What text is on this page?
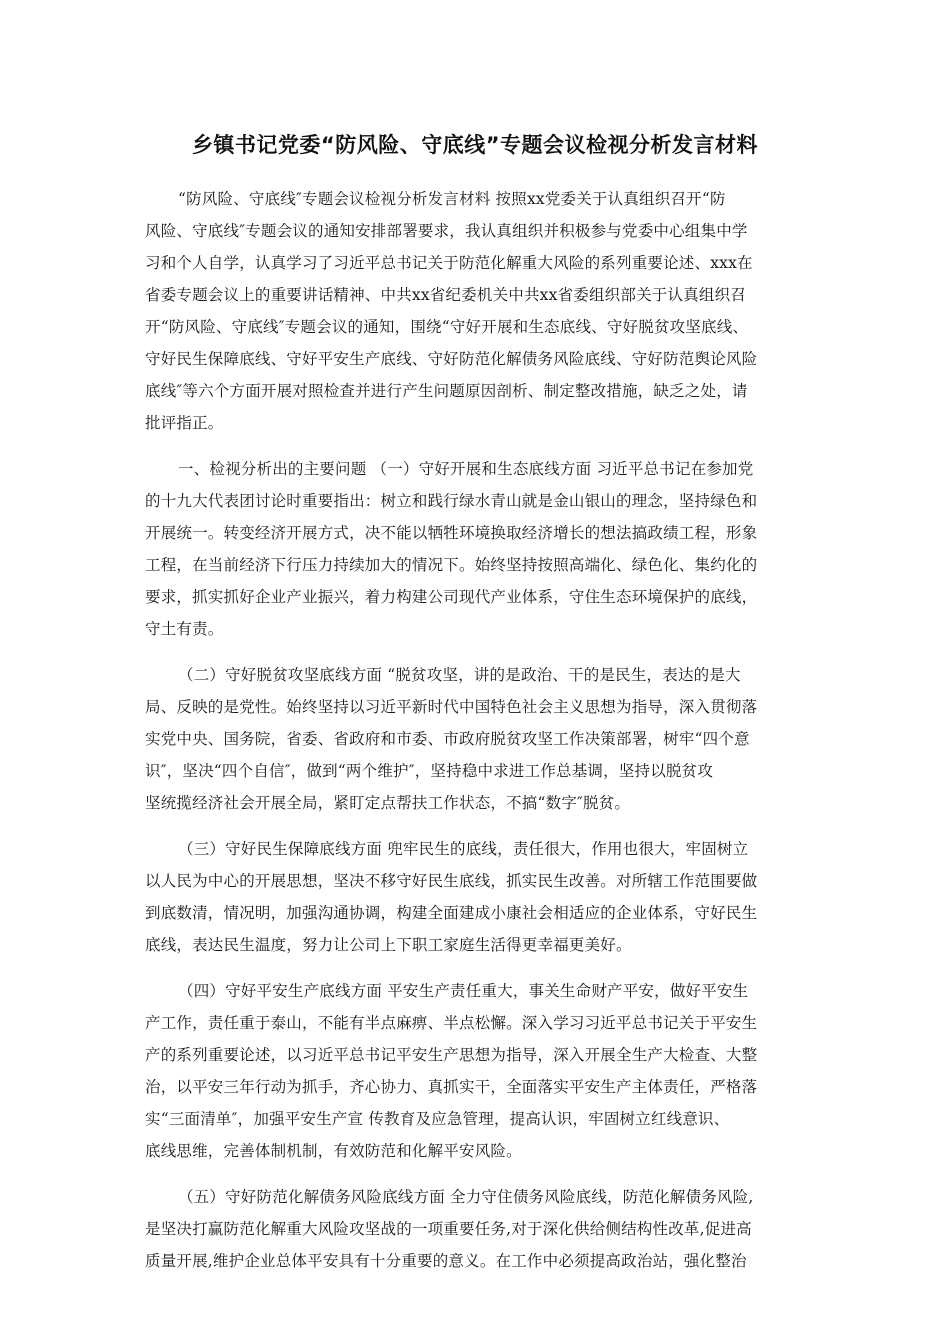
乡镇书记党委“防风险、守底线”专题会议检视分析发言材料
“防风险、守底线″专题会议检视分析发言材料 按照xx党委关于认真组织召开“防
风险、守底线″专题会议的通知安排部署要求，我认真组织并积极参与党委中心组集中学
习和个人自学，认真学习了习近平总书记关于防范化解重大风险的系列重要论述、xxx在
省委专题会议上的重要讲话精神、中共xx省纪委机关中共xx省委组织部关于认真组织召
开“防风险、守底线″专题会议的通知，围绕“守好开展和生态底线、守好脱贫攻坚底线、
守好民生保障底线、守好平安生产底线、守好防范化解债务风险底线、守好防范舆论风险
底线″等六个方面开展对照检查并进行产生问题原因剖析、制定整改措施，缺乏之处，请
批评指正。
一、检视分析出的主要问题 （一）守好开展和生态底线方面 习近平总书记在参加党
的十九大代表团讨论时重要指出：树立和践行绿水青山就是金山银山的理念，坚持绿色和
开展统一。转变经济开展方式，决不能以牺牲环境换取经济增长的想法搞政绩工程，形象
工程，在当前经济下行压力持续加大的情况下。始终坚持按照高端化、绿色化、集约化的
要求，抓实抓好企业产业振兴，着力构建公司现代产业体系，守住生态环境保护的底线，
守土有责。
（二）守好脱贫攻坚底线方面 “脱贫攻坚，讲的是政治、干的是民生，表达的是大
局、反映的是党性。始终坚持以习近平新时代中国特色社会主义思想为指导，深入贯彻落
实党中央、国务院，省委、省政府和市委、市政府脱贫攻坚工作决策部署，树牢“四个意
识″，坚决“四个自信″，做到“两个维护″，坚持稳中求进工作总基调，坚持以脱贫攻
坚统揽经济社会开展全局，紧盯定点帮扶工作状态，不搞“数字″脱贫。
（三）守好民生保障底线方面 兜牢民生的底线，责任很大，作用也很大，牢固树立
以人民为中心的开展思想，坚决不移守好民生底线，抓实民生改善。对所辖工作范围要做
到底数清，情况明，加强沟通协调，构建全面建成小康社会相适应的企业体系，守好民生
底线，表达民生温度，努力让公司上下职工家庭生活得更幸福更美好。
（四）守好平安生产底线方面 平安生产责任重大，事关生命财产平安，做好平安生
产工作，责任重于泰山，不能有半点麻痹、半点松懈。深入学习习近平总书记关于平安生
产的系列重要论述，以习近平总书记平安生产思想为指导，深入开展全生产大检查、大整
治，以平安三年行动为抓手，齐心协力、真抓实干，全面落实平安生产主体责任，严格落
实“三面清单″，加强平安生产宣 传教育及应急管理，提高认识，牢固树立红线意识、
底线思维，完善体制机制，有效防范和化解平安风险。
（五）守好防范化解债务风险底线方面 全力守住债务风险底线，防范化解债务风险,
是坚决打赢防范化解重大风险攻坚战的一项重要任务,对于深化供给侧结构性改革,促进高
质量开展,维护企业总体平安具有十分重要的意义。在工作中必须提高政治站，强化整治
